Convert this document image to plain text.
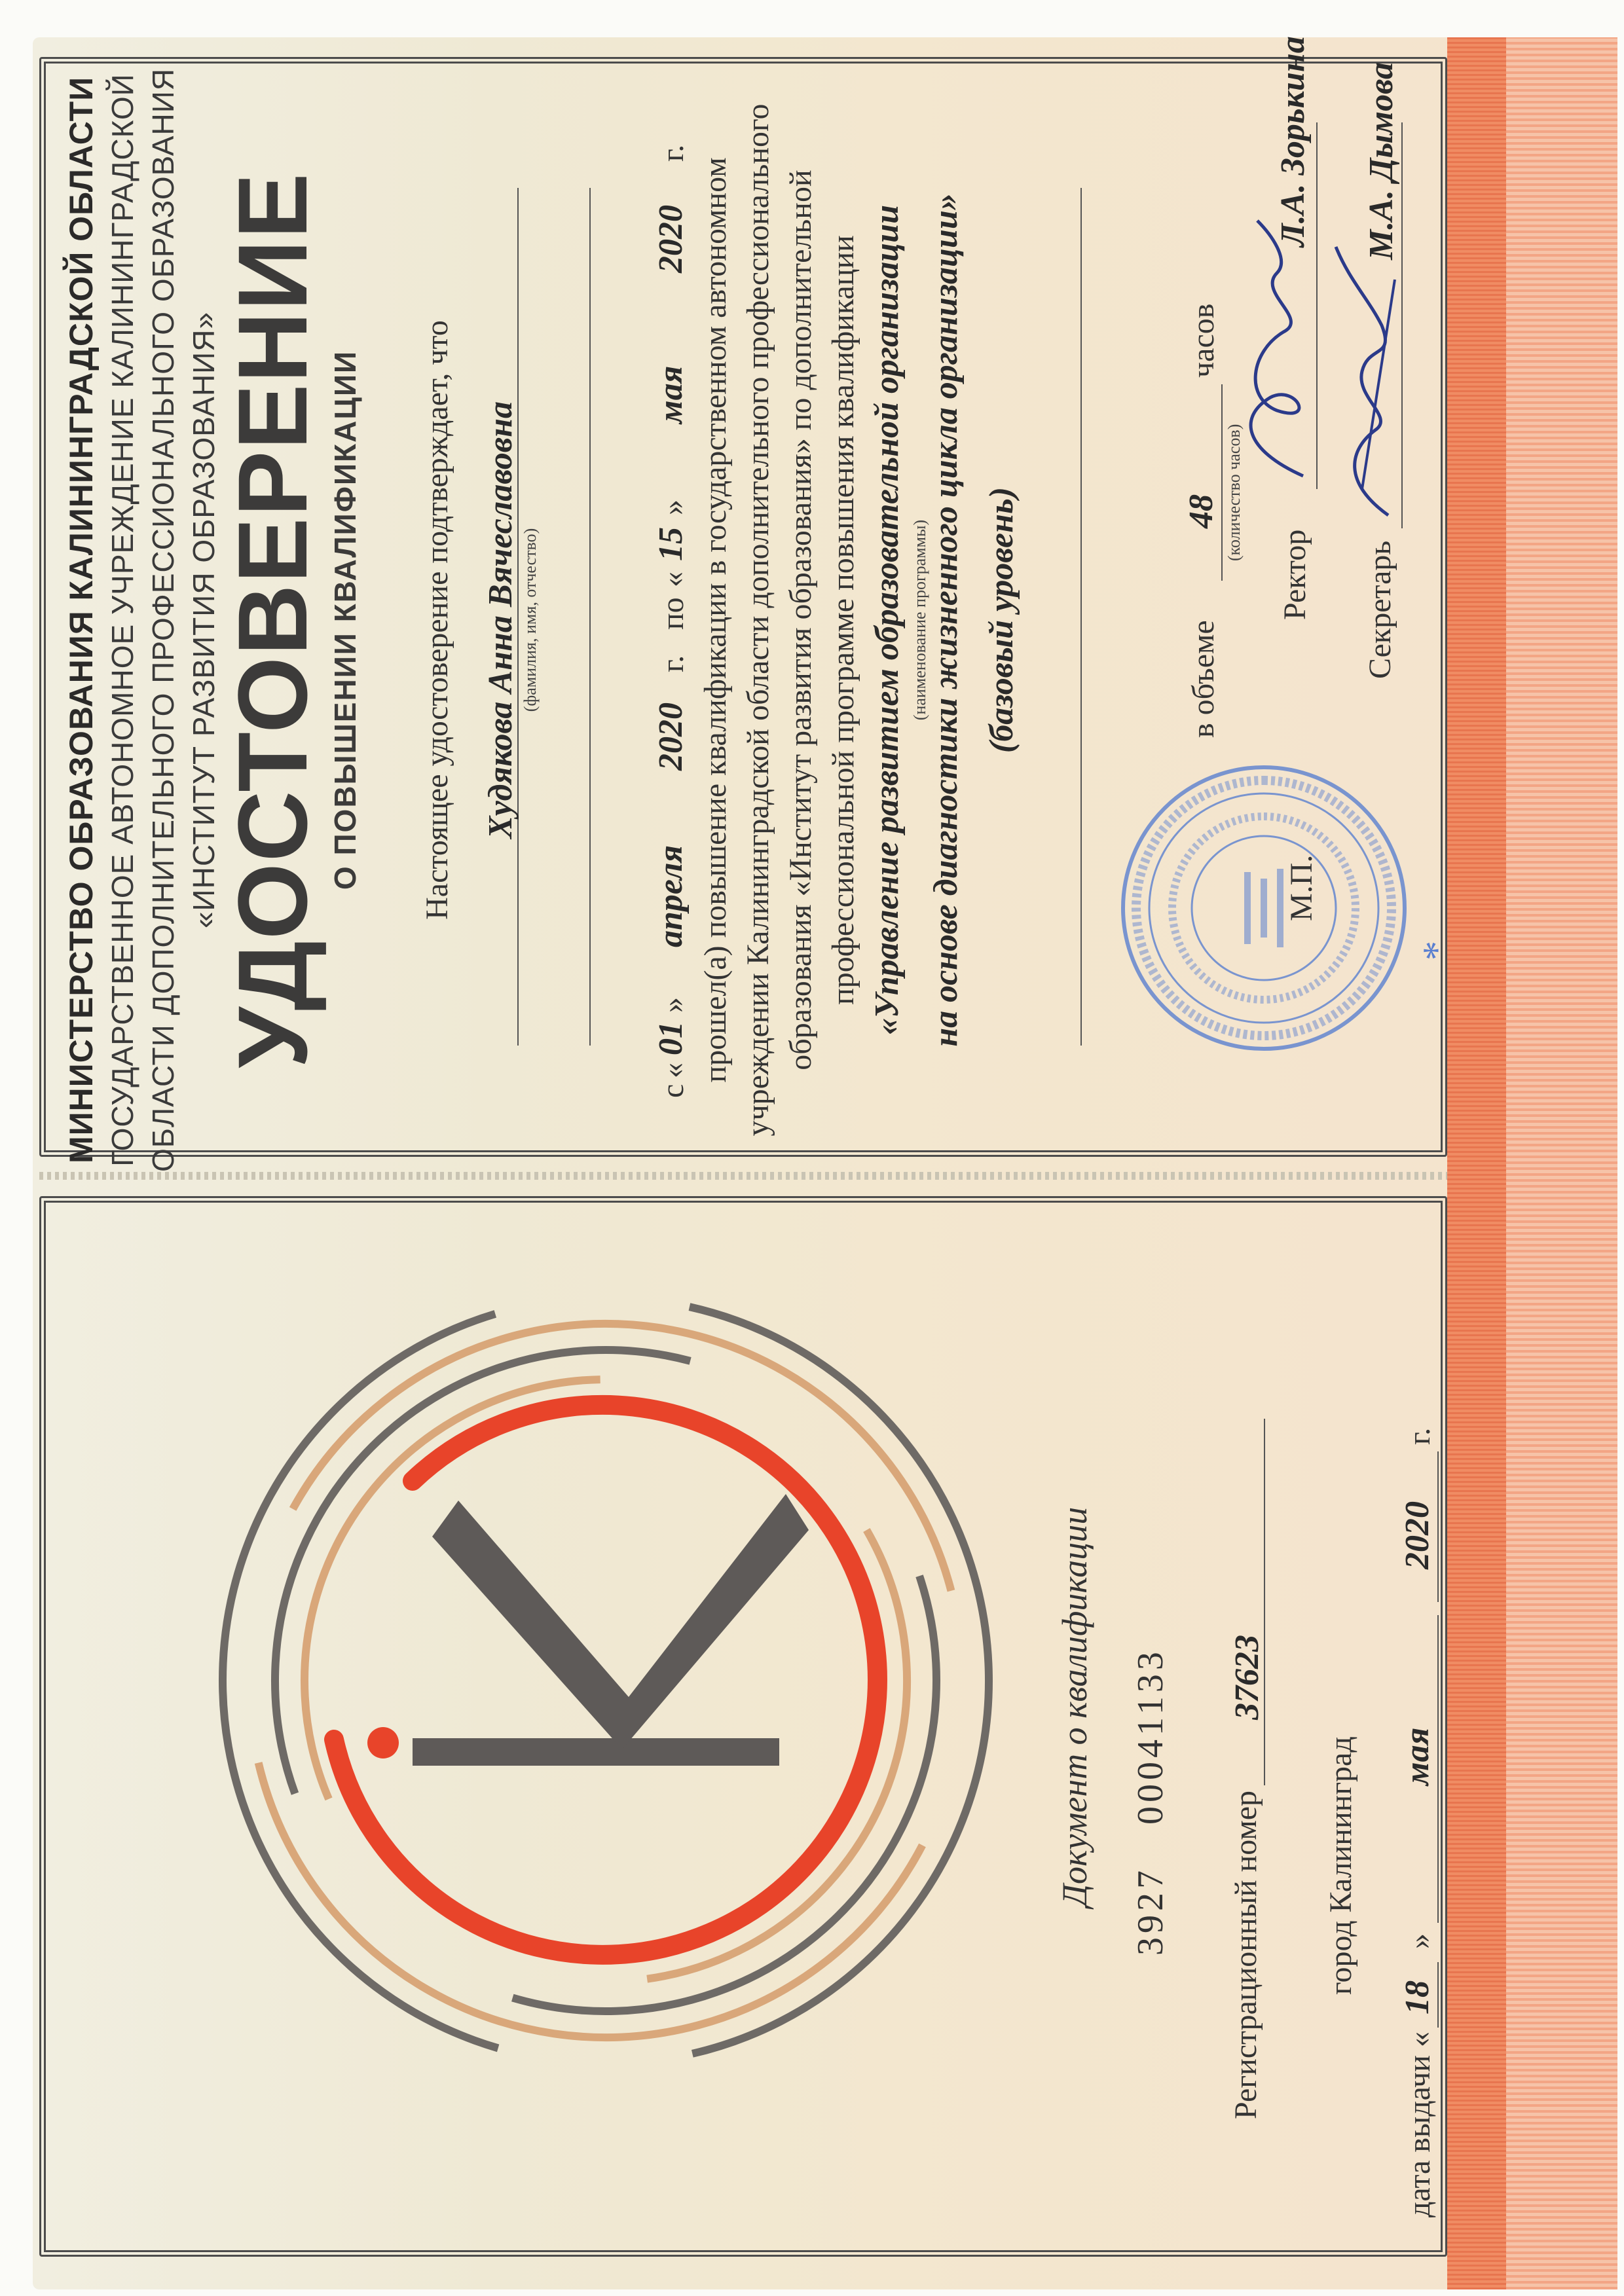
Документ о квалификации
3927
00041133
Регистрационный номер
37623
город Калининград
дата выдачи
«
18
»
мая
2020
г.
МИНИСТЕРСТВО ОБРАЗОВАНИЯ КАЛИНИНГРАДСКОЙ ОБЛАСТИ ГОСУДАРСТВЕННОЕ АВТОНОМНОЕ УЧРЕЖДЕНИЕ КАЛИНИНГРАДСКОЙ ОБЛАСТИ ДОПОЛНИТЕЛЬНОГО ПРОФЕССИОНАЛЬНОГО ОБРАЗОВАНИЯ «ИНСТИТУТ РАЗВИТИЯ ОБРАЗОВАНИЯ»
УДОСТОВЕРЕНИЕ О ПОВЫШЕНИИ КВАЛИФИКАЦИИ Настоящее удостоверение подтверждает, что Худякова Анна Вячеславовна (фамилия, имя, отчество)
с
«
01
»
апреля
2020
г.
по
«
15
»
мая
2020
г.
прошел(а) повышение квалификации в государственном автономном учреждении Калининградской области дополнительного профессионального образования «Институт развития образования» по дополнительной профессиональной программе повышения квалификации «Управление развитием образовательной организации (наименование программы)
на основе диагностики жизненного цикла организации» (базовый уровень)
М.П.
в объеме
48 (количество часов)
часов
Ректор
Л.А. Зорькина
Секретарь
М.А. Дымова
*
